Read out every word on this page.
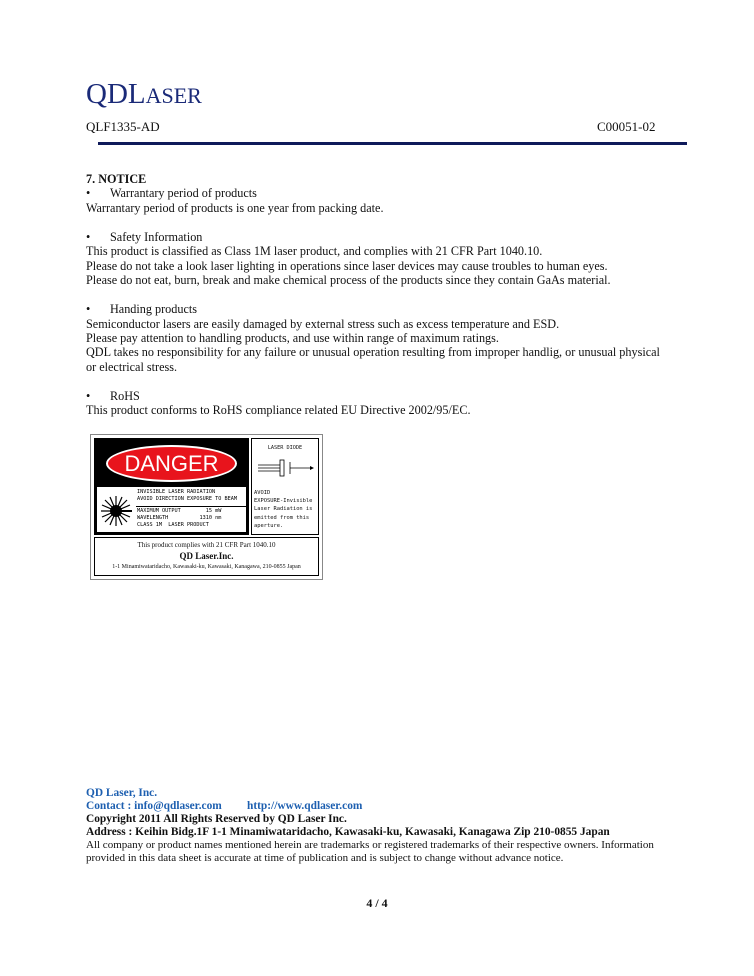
QDLASER
QLF1335-AD	C00051-02
7. NOTICE
• Warrantary period of products
Warrantary period of products is one year from packing date.
• Safety Information
This product is classified as Class 1M laser product, and complies with 21 CFR Part 1040.10.
Please do not take a look laser lighting in operations since laser devices may cause troubles to human eyes.
Please do not eat, burn, break and make chemical process of the products since they contain GaAs material.
• Handing products
Semiconductor lasers are easily damaged by external stress such as excess temperature and ESD.
Please pay attention to handling products, and use within range of maximum ratings.
QDL takes no responsibility for any failure or unusual operation resulting from improper handlig, or unusual physical
or electrical stress.
• RoHS
This product conforms to RoHS compliance related EU Directive 2002/95/EC.
DANGER
INVISIBLE LASER RADIATION
AVOID DIRECTION EXPOSURE TO BEAM
MAXIMUM OUTPUT        15 mW
WAVELENGTH          1310 nm
CLASS 1M  LASER PRODUCT
LASER DIODE
AVOID
EXPOSURE-Invisible
Laser Radiation is
emitted from this
aperture.
This product complies with 21 CFR Part 1040.10
QD Laser.Inc.
1-1 Minamiwataridacho, Kawasaki-ku, Kawasaki, Kanagawa, 210-0855 Japan
QD Laser, Inc.
Contact : info@qdlaser.com http://www.qdlaser.com
Copyright 2011 All Rights Reserved by QD Laser Inc.
Address : Keihin Bidg.1F 1-1 Minamiwataridacho, Kawasaki-ku, Kawasaki, Kanagawa Zip 210-0855 Japan
All company or product names mentioned herein are trademarks or registered trademarks of their respective owners. Information
provided in this data sheet is accurate at time of publication and is subject to change without advance notice.
4 / 4
